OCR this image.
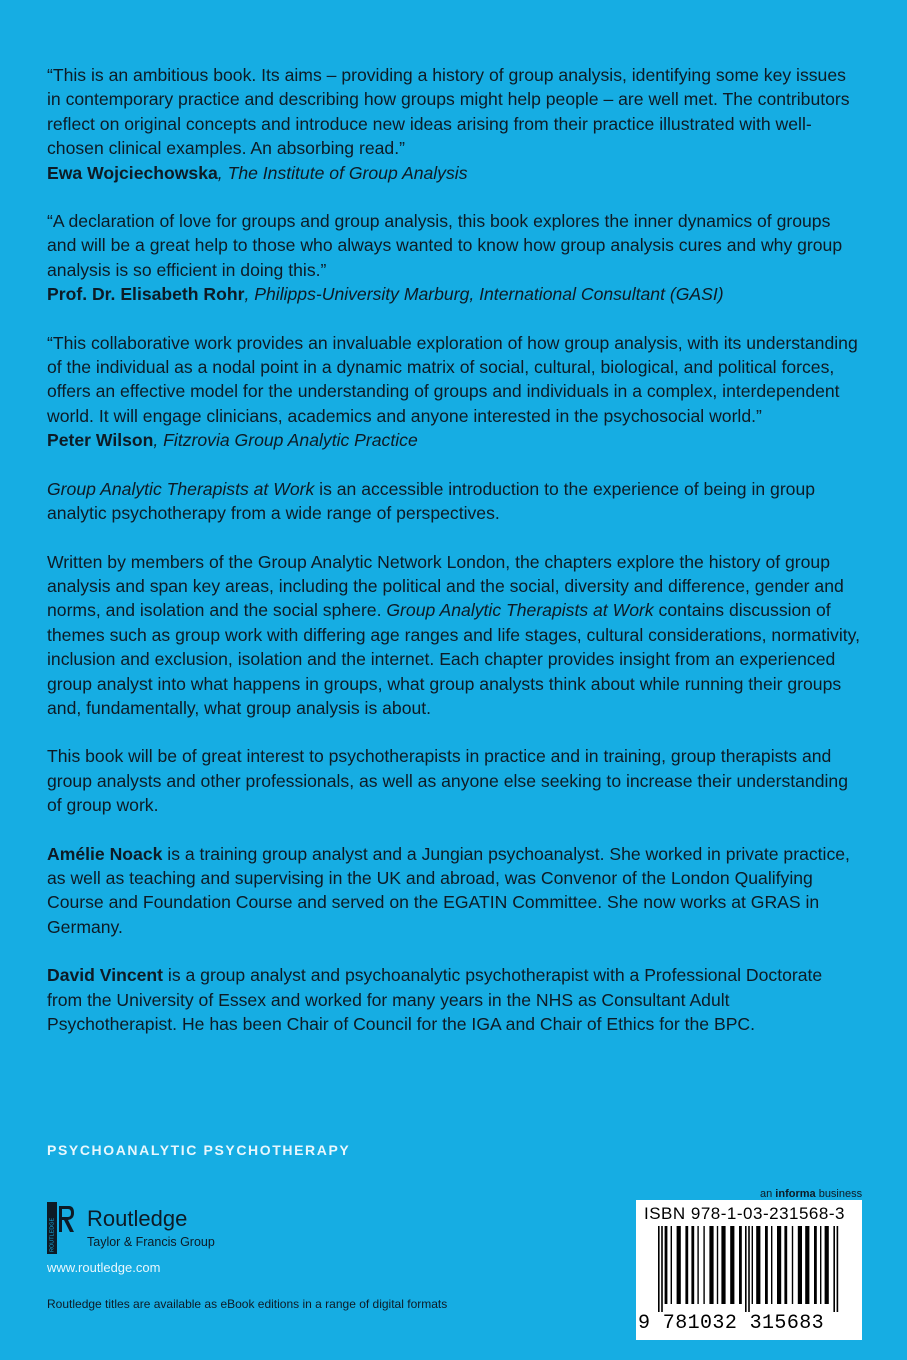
“This is an ambitious book. Its aims – providing a history of group analysis, identifying some key issues in contemporary practice and describing how groups might help people – are well met. The contributors reflect on original concepts and introduce new ideas arising from their practice illustrated with well-chosen clinical examples. An absorbing read.”

Ewa Wojciechowska, The Institute of Group Analysis

“A declaration of love for groups and group analysis, this book explores the inner dynamics of groups and will be a great help to those who always wanted to know how group analysis cures and why group analysis is so efficient in doing this.”

Prof. Dr. Elisabeth Rohr, Philipps-University Marburg, International Consultant (GASI)

“This collaborative work provides an invaluable exploration of how group analysis, with its understanding of the individual as a nodal point in a dynamic matrix of social, cultural, biological, and political forces, offers an effective model for the understanding of groups and individuals in a complex, interdependent world. It will engage clinicians, academics and anyone interested in the psychosocial world.”

Peter Wilson, Fitzrovia Group Analytic Practice

Group Analytic Therapists at Work is an accessible introduction to the experience of being in group analytic psychotherapy from a wide range of perspectives.

Written by members of the Group Analytic Network London, the chapters explore the history of group analysis and span key areas, including the political and the social, diversity and difference, gender and norms, and isolation and the social sphere. Group Analytic Therapists at Work contains discussion of themes such as group work with differing age ranges and life stages, cultural considerations, normativity, inclusion and exclusion, isolation and the internet. Each chapter provides insight from an experienced group analyst into what happens in groups, what group analysts think about while running their groups and, fundamentally, what group analysis is about.

This book will be of great interest to psychotherapists in practice and in training, group therapists and group analysts and other professionals, as well as anyone else seeking to increase their understanding of group work.

Amélie Noack is a training group analyst and a Jungian psychoanalyst. She worked in private practice, as well as teaching and supervising in the UK and abroad, was Convenor of the London Qualifying Course and Foundation Course and served on the EGATIN Committee. She now works at GRAS in Germany.

David Vincent is a group analyst and psychoanalytic psychotherapist with a Professional Doctorate from the University of Essex and worked for many years in the NHS as Consultant Adult Psychotherapist. He has been Chair of Council for the IGA and Chair of Ethics for the BPC.

PSYCHOANALYTIC PSYCHOTHERAPY
ROUTLEDGE Routledge
Taylor & Francis Group
www.routledge.com
Routledge titles are available as eBook editions in a range of digital formats
an informa business
ISBN 978-1-03-231568-3
9 781032 315683
